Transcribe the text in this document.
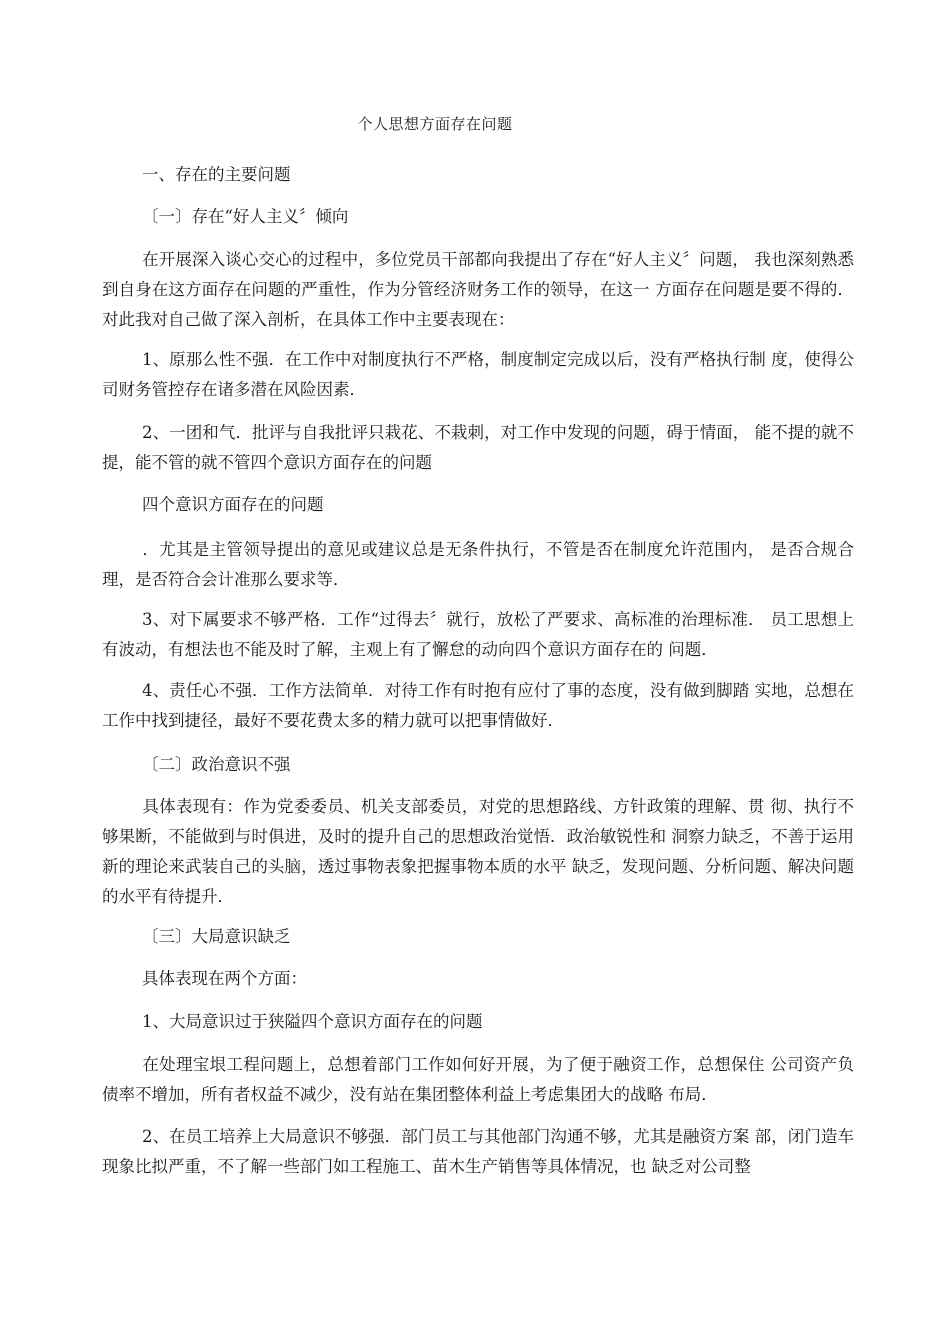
个人思想方面存在问题

一、存在的主要问题

〔一〕存在“好人主义〞倾向

在开展深入谈心交心的过程中，多位党员干部都向我提出了存在“好人主义〞问题， 我也深刻熟悉到自身在这方面存在问题的严重性，作为分管经济财务工作的领导，在这一 方面存在问题是要不得的．对此我对自己做了深入剖析，在具体工作中主要表现在：

1、原那么性不强．在工作中对制度执行不严格，制度制定完成以后，没有严格执行制 度，使得公司财务管控存在诸多潜在风险因素．

2、一团和气．批评与自我批评只栽花、不栽刺，对工作中发现的问题，碍于情面， 能不提的就不提，能不管的就不管四个意识方面存在的问题

四个意识方面存在的问题

．尤其是主管领导提出的意见或建议总是无条件执行，不管是否在制度允许范围内， 是否合规合理，是否符合会计准那么要求等．

3、对下属要求不够严格．工作“过得去〞就行，放松了严要求、高标准的治理标准． 员工思想上有波动，有想法也不能及时了解，主观上有了懈怠的动向四个意识方面存在的 问题．

4、责任心不强．工作方法简单．对待工作有时抱有应付了事的态度，没有做到脚踏 实地，总想在工作中找到捷径，最好不要花费太多的精力就可以把事情做好．

〔二〕政治意识不强

具体表现有：作为党委委员、机关支部委员，对党的思想路线、方针政策的理解、贯 彻、执行不够果断，不能做到与时俱进，及时的提升自己的思想政治觉悟．政治敏锐性和 洞察力缺乏，不善于运用新的理论来武装自己的头脑，透过事物表象把握事物本质的水平 缺乏，发现问题、分析问题、解决问题的水平有待提升．

〔三〕大局意识缺乏

具体表现在两个方面：

1、大局意识过于狭隘四个意识方面存在的问题

在处理宝垠工程问题上，总想着部门工作如何好开展，为了便于融资工作，总想保住 公司资产负债率不增加，所有者权益不减少，没有站在集团整体利益上考虑集团大的战略 布局．

2、在员工培养上大局意识不够强．部门员工与其他部门沟通不够，尤其是融资方案 部，闭门造车现象比拟严重，不了解一些部门如工程施工、苗木生产销售等具体情况，也 缺乏对公司整
